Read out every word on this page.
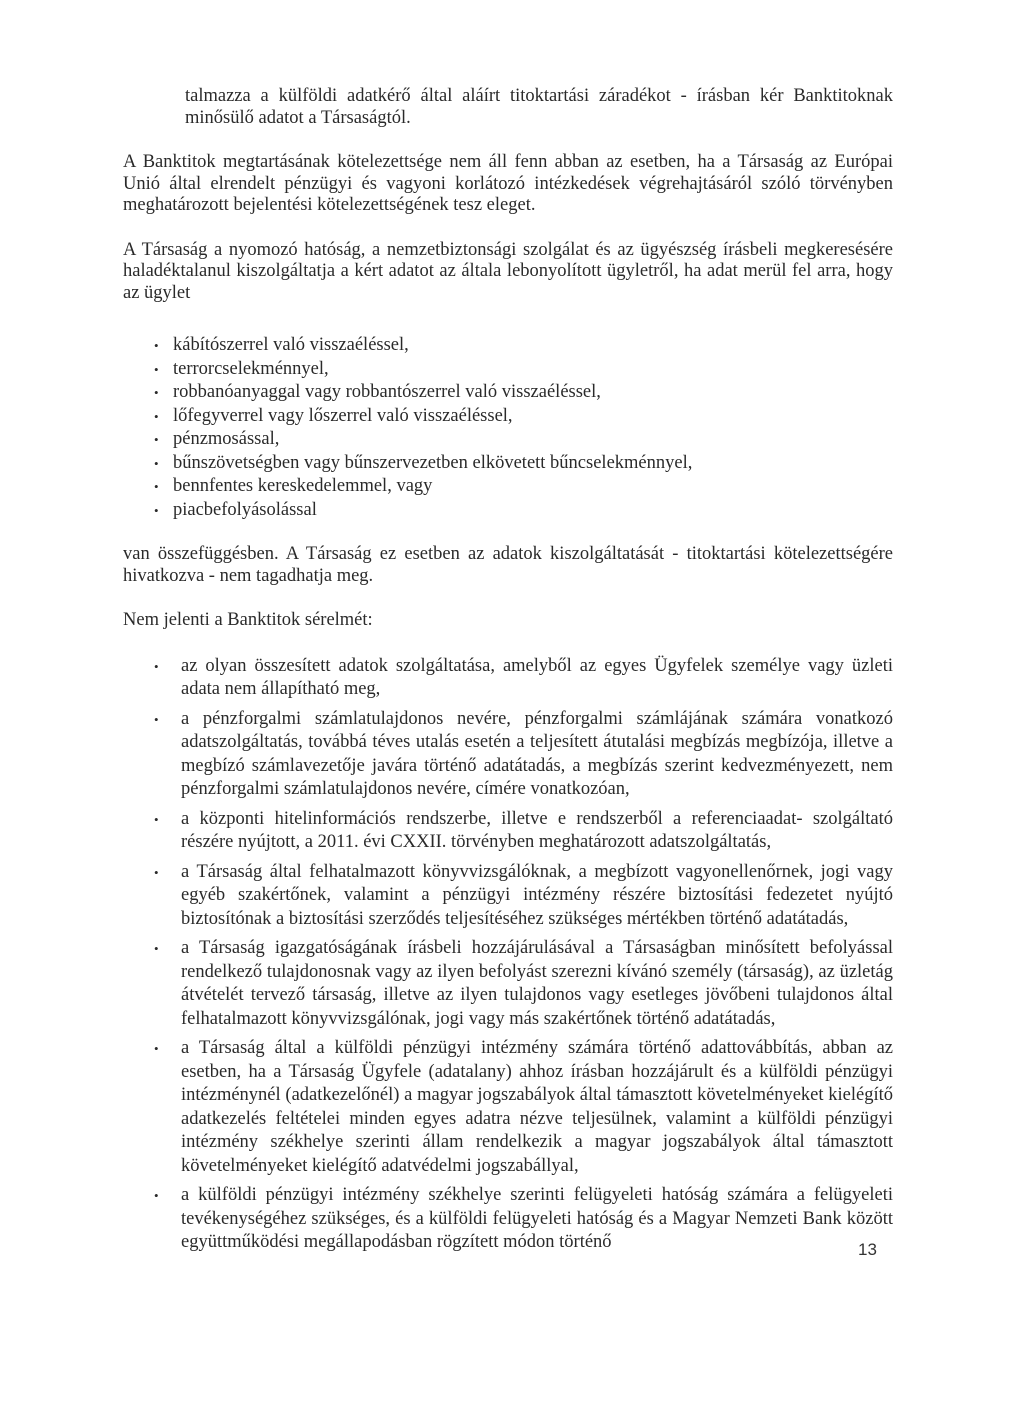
talmazza a külföldi adatkérő által aláírt titoktartási záradékot - írásban kér Banktitoknak minősülő adatot a Társaságtól.

A Banktitok megtartásának kötelezettsége nem áll fenn abban az esetben, ha a Társaság az Európai Unió által elrendelt pénzügyi és vagyoni korlátozó intézkedések végrehajtásáról szóló törvényben meghatározott bejelentési kötelezettségének tesz eleget.

A Társaság a nyomozó hatóság, a nemzetbiztonsági szolgálat és az ügyészség írásbeli megkeresésére haladéktalanul kiszolgáltatja a kért adatot az általa lebonyolított ügyletről, ha adat merül fel arra, hogy az ügylet

• kábítószerrel való visszaéléssel,
• terrorcselekménnyel,
• robbanóanyaggal vagy robbantószerrel való visszaéléssel,
• lőfegyverrel vagy lőszerrel való visszaéléssel,
• pénzmosással,
• bűnszövetségben vagy bűnszervezetben elkövetett bűncselekménnyel,
• bennfentes kereskedelemmel, vagy
• piacbefolyásolással

van összefüggésben. A Társaság ez esetben az adatok kiszolgáltatását - titoktartási kötelezettségére hivatkozva - nem tagadhatja meg.

Nem jelenti a Banktitok sérelmét:

• az olyan összesített adatok szolgáltatása, amelyből az egyes Ügyfelek személye vagy üzleti adata nem állapítható meg,
• a pénzforgalmi számlatulajdonos nevére, pénzforgalmi számlájának számára vonatkozó adatszolgáltatás, továbbá téves utalás esetén a teljesített átutalási megbízás megbízója, illetve a megbízó számlavezetője javára történő adatátadás, a megbízás szerint kedvezményezett, nem pénzforgalmi számlatulajdonos nevére, címére vonatkozóan,
• a központi hitelinformációs rendszerbe, illetve e rendszerből a referenciaadat- szolgáltató részére nyújtott, a 2011. évi CXXII. törvényben meghatározott adatszolgáltatás,
• a Társaság által felhatalmazott könyvvizsgálóknak, a megbízott vagyonellenőrnek, jogi vagy egyéb szakértőnek, valamint a pénzügyi intézmény részére biztosítási fedezetet nyújtó biztosítónak a biztosítási szerződés teljesítéséhez szükséges mértékben történő adatátadás,
• a Társaság igazgatóságának írásbeli hozzájárulásával a Társaságban minősített befolyással rendelkező tulajdonosnak vagy az ilyen befolyást szerezni kívánó személy (társaság), az üzletág átvételét tervező társaság, illetve az ilyen tulajdonos vagy esetleges jövőbeni tulajdonos által felhatalmazott könyvvizsgálónak, jogi vagy más szakértőnek történő adatátadás,
• a Társaság által a külföldi pénzügyi intézmény számára történő adattovábbítás, abban az esetben, ha a Társaság Ügyfele (adatalany) ahhoz írásban hozzájárult és a külföldi pénzügyi intézménynél (adatkezelőnél) a magyar jogszabályok által támasztott követelményeket kielégítő adatkezelés feltételei minden egyes adatra nézve teljesülnek, valamint a külföldi pénzügyi intézmény székhelye szerinti állam rendelkezik a magyar jogszabályok által támasztott követelményeket kielégítő adatvédelmi jogszabállyal,
• a külföldi pénzügyi intézmény székhelye szerinti felügyeleti hatóság számára a felügyeleti tevékenységéhez szükséges, és a külföldi felügyeleti hatóság és a Magyar Nemzeti Bank között együttműködési megállapodásban rögzített módon történő	13
